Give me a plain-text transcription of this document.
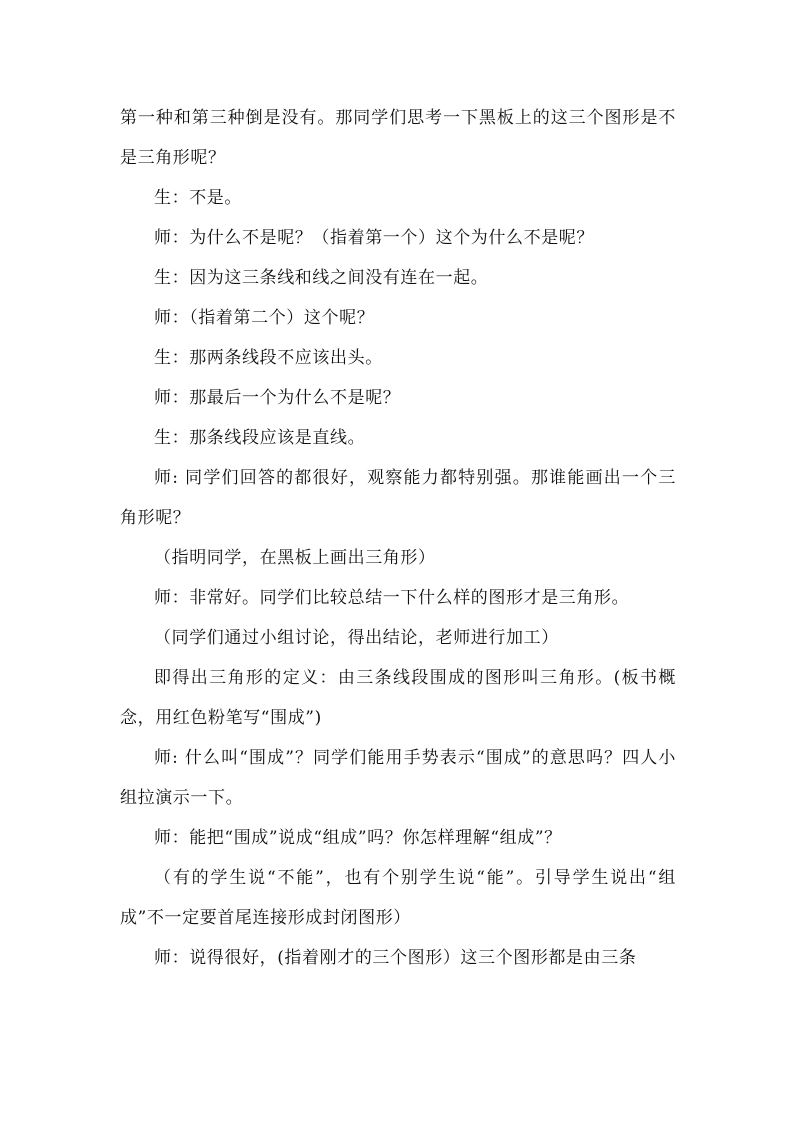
第一种和第三种倒是没有。那同学们思考一下黑板上的这三个图形是不是三角形呢？

生：不是。

师：为什么不是呢？（指着第一个）这个为什么不是呢？

生：因为这三条线和线之间没有连在一起。

师：（指着第二个）这个呢？

生：那两条线段不应该出头。

师：那最后一个为什么不是呢？

生：那条线段应该是直线。

师: 同学们回答的都很好，观察能力都特别强。那谁能画出一个三角形呢？

（指明同学，在黑板上画出三角形）

师：非常好。同学们比较总结一下什么样的图形才是三角形。

（同学们通过小组讨论，得出结论，老师进行加工）

即得出三角形的定义：由三条线段围成的图形叫三角形。(板书概念，用红色粉笔写“围成”)

师: 什么叫“围成”？同学们能用手势表示“围成”的意思吗？四人小组拉演示一下。

师：能把“围成”说成“组成”吗？你怎样理解“组成”？

（有的学生说“不能”，也有个别学生说“能”。引导学生说出“组成”不一定要首尾连接形成封闭图形）

师：说得很好，(指着刚才的三个图形）这三个图形都是由三条
